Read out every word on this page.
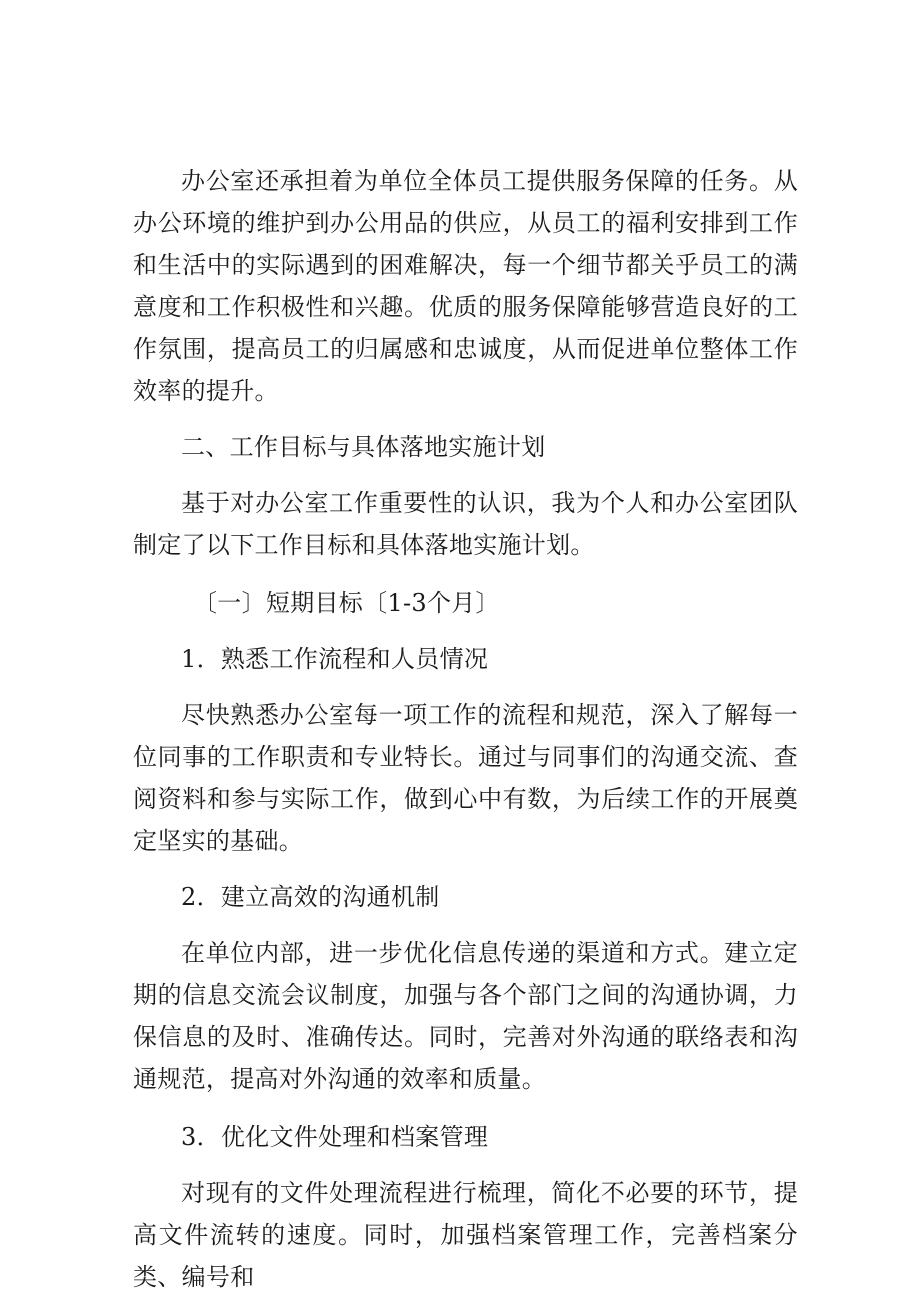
办公室还承担着为单位全体员工提供服务保障的任务。从办公环境的维护到办公用品的供应，从员工的福利安排到工作和生活中的实际遇到的困难解决，每一个细节都关乎员工的满意度和工作积极性和兴趣。优质的服务保障能够营造良好的工作氛围，提高员工的归属感和忠诚度，从而促进单位整体工作效率的提升。

二、工作目标与具体落地实施计划

基于对办公室工作重要性的认识，我为个人和办公室团队制定了以下工作目标和具体落地实施计划。

〔一〕短期目标〔1-3个月〕

1．熟悉工作流程和人员情况

尽快熟悉办公室每一项工作的流程和规范，深入了解每一位同事的工作职责和专业特长。通过与同事们的沟通交流、查阅资料和参与实际工作，做到心中有数，为后续工作的开展奠定坚实的基础。

2．建立高效的沟通机制

在单位内部，进一步优化信息传递的渠道和方式。建立定期的信息交流会议制度，加强与各个部门之间的沟通协调，力保信息的及时、准确传达。同时，完善对外沟通的联络表和沟通规范，提高对外沟通的效率和质量。

3．优化文件处理和档案管理

对现有的文件处理流程进行梳理，简化不必要的环节，提高文件流转的速度。同时，加强档案管理工作，完善档案分类、编号和
